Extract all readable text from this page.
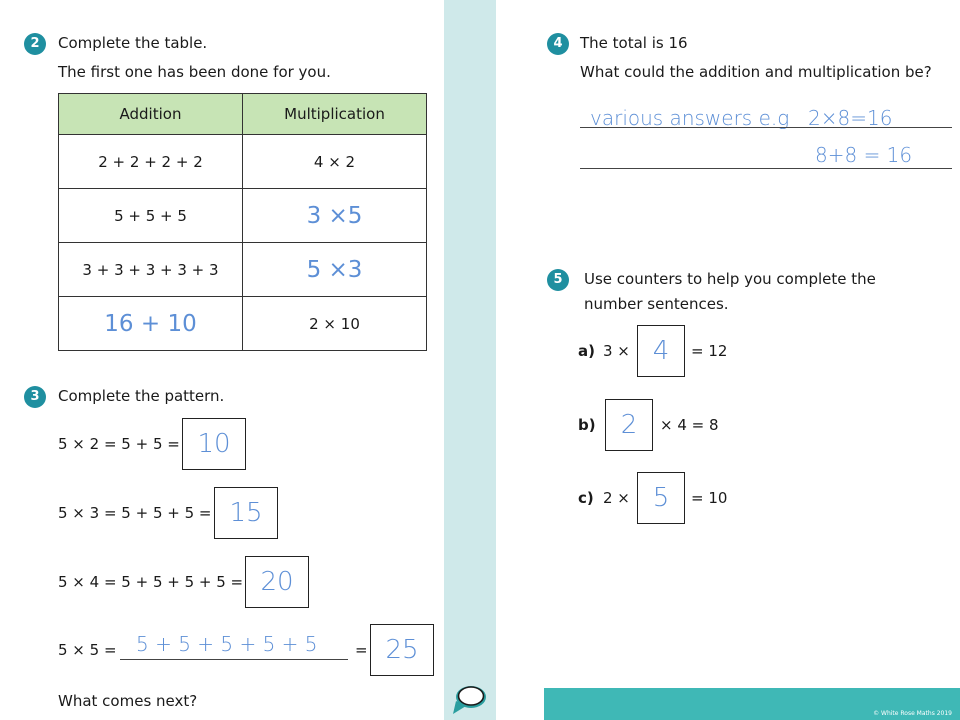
2	Complete the table.
The first one has been done for you.
Addition	Multiplication
2 + 2 + 2 + 2	4 × 2
5 + 5 + 5	3 ×5
3 + 3 + 3 + 3 + 3	5 ×3
16 + 10	2 × 10
3	Complete the pattern.
5 × 2 = 5 + 5 = 10
5 × 3 = 5 + 5 + 5 = 15
5 × 4 = 5 + 5 + 5 + 5 = 20
5 × 5 = 5 + 5 + 5 + 5 + 5 = 25
What comes next?
4	The total is 16
What could the addition and multiplication be?
various answers e.g 2×8=16
8+8 = 16
5	Use counters to help you complete the
number sentences.
a) 3 × 4	= 12
b) 2	× 4 = 8
c) 2 × 5	= 10
© White Rose Maths 2019
